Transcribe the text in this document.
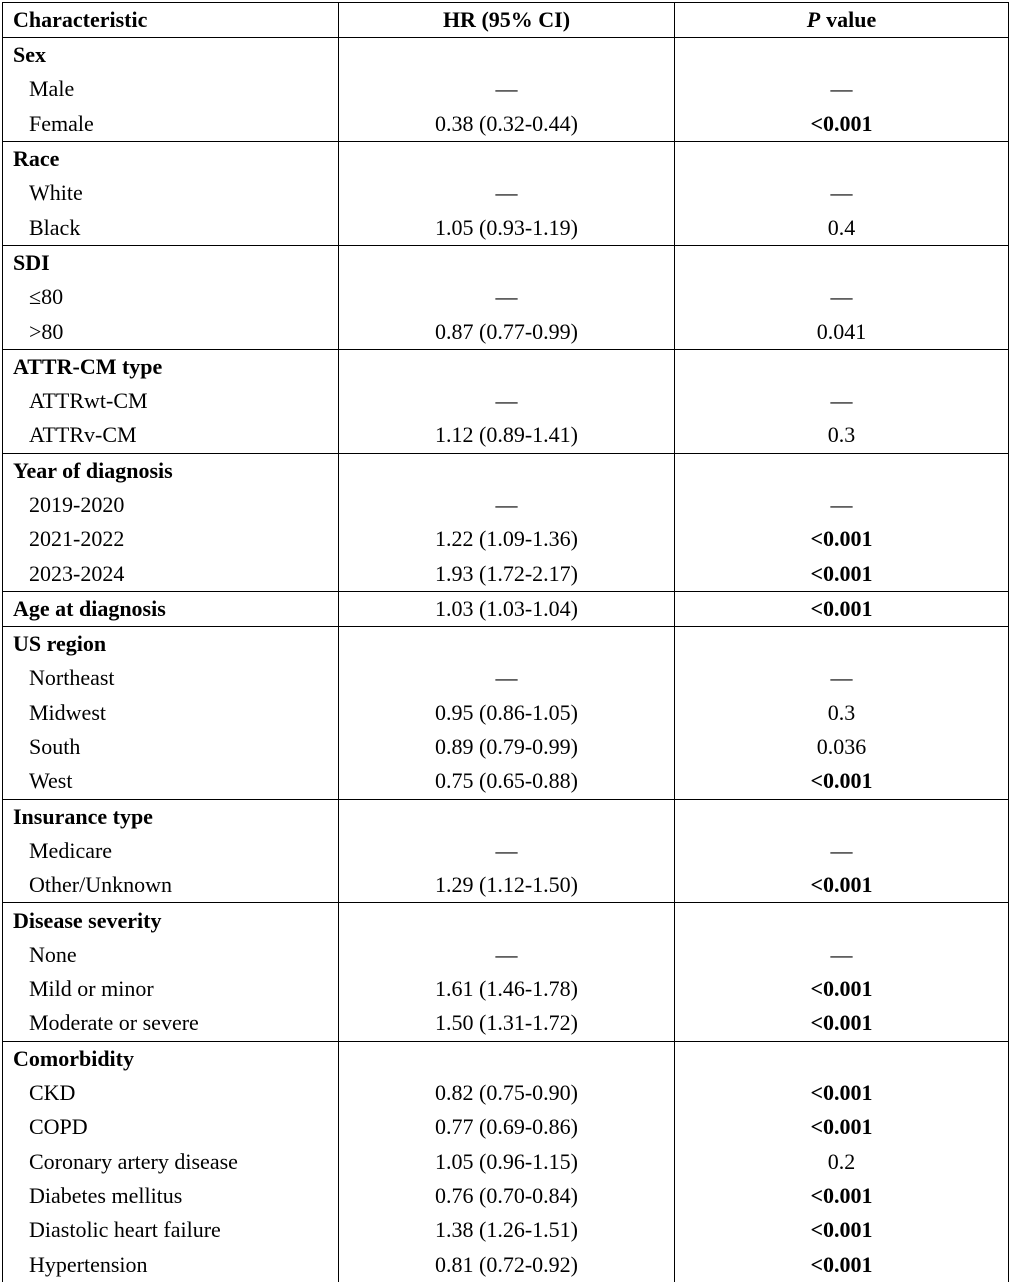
Characteristic	HR (95% CI)	P value
Sex
Male	—	—
Female	0.38 (0.32-0.44)	<0.001
Race
White	—	—
Black	1.05 (0.93-1.19)	0.4
SDI
≤80	—	—
>80	0.87 (0.77-0.99)	0.041
ATTR-CM type
ATTRwt-CM	—	—
ATTRv-CM	1.12 (0.89-1.41)	0.3
Year of diagnosis
2019-2020	—	—
2021-2022	1.22 (1.09-1.36)	<0.001
2023-2024	1.93 (1.72-2.17)	<0.001
Age at diagnosis	1.03 (1.03-1.04)	<0.001
US region
Northeast	—	—
Midwest	0.95 (0.86-1.05)	0.3
South	0.89 (0.79-0.99)	0.036
West	0.75 (0.65-0.88)	<0.001
Insurance type
Medicare	—	—
Other/Unknown	1.29 (1.12-1.50)	<0.001
Disease severity
None	—	—
Mild or minor	1.61 (1.46-1.78)	<0.001
Moderate or severe	1.50 (1.31-1.72)	<0.001
Comorbidity
CKD	0.82 (0.75-0.90)	<0.001
COPD	0.77 (0.69-0.86)	<0.001
Coronary artery disease	1.05 (0.96-1.15)	0.2
Diabetes mellitus	0.76 (0.70-0.84)	<0.001
Diastolic heart failure	1.38 (1.26-1.51)	<0.001
Hypertension	0.81 (0.72-0.92)	<0.001
